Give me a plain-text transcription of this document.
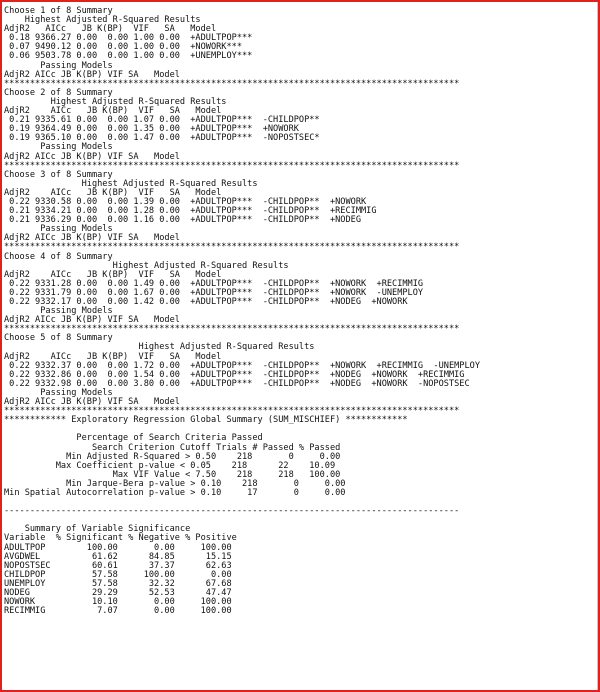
Choose 1 of 8 Summary
Highest Adjusted R-Squared Results
AdjR2   AICc   JB K(BP)  VIF   SA   Model
0.18 9366.27 0.00  0.00 1.00 0.00  +ADULTPOP***
0.07 9490.12 0.00  0.00 1.00 0.00  +NOWORK***
0.06 9503.78 0.00  0.00 1.00 0.00  +UNEMPLOY***
Passing Models
AdjR2 AICc JB K(BP) VIF SA   Model
****************************************************************************************
Choose 2 of 8 Summary
Highest Adjusted R-Squared Results
AdjR2    AICc   JB K(BP)  VIF   SA   Model
0.21 9335.61 0.00  0.00 1.07 0.00  +ADULTPOP***  -CHILDPOP**
0.19 9364.49 0.00  0.00 1.35 0.00  +ADULTPOP***  +NOWORK
0.19 9365.10 0.00  0.00 1.47 0.00  +ADULTPOP***  -NOPOSTSEC*
Passing Models
AdjR2 AICc JB K(BP) VIF SA   Model
****************************************************************************************
Choose 3 of 8 Summary
Highest Adjusted R-Squared Results
AdjR2    AICc   JB K(BP)  VIF   SA   Model
0.22 9330.58 0.00  0.00 1.39 0.00  +ADULTPOP***  -CHILDPOP**  +NOWORK
0.21 9334.21 0.00  0.00 1.28 0.00  +ADULTPOP***  -CHILDPOP**  +RECIMMIG
0.21 9336.29 0.00  0.00 1.16 0.00  +ADULTPOP***  -CHILDPOP**  +NODEG
Passing Models
AdjR2 AICc JB K(BP) VIF SA   Model
****************************************************************************************
Choose 4 of 8 Summary
Highest Adjusted R-Squared Results
AdjR2    AICc   JB K(BP)  VIF   SA   Model
0.22 9331.28 0.00  0.00 1.49 0.00  +ADULTPOP***  -CHILDPOP**  +NOWORK  +RECIMMIG
0.22 9331.79 0.00  0.00 1.67 0.00  +ADULTPOP***  -CHILDPOP**  +NOWORK  -UNEMPLOY
0.22 9332.17 0.00  0.00 1.42 0.00  +ADULTPOP***  -CHILDPOP**  +NODEG  +NOWORK
Passing Models
AdjR2 AICc JB K(BP) VIF SA   Model
****************************************************************************************
Choose 5 of 8 Summary
Highest Adjusted R-Squared Results
AdjR2    AICc   JB K(BP)  VIF   SA   Model
0.22 9332.37 0.00  0.00 1.72 0.00  +ADULTPOP***  -CHILDPOP**  +NOWORK  +RECIMMIG  -UNEMPLOY
0.22 9332.86 0.00  0.00 1.54 0.00  +ADULTPOP***  -CHILDPOP**  +NODEG  +NOWORK  +RECIMMIG
0.22 9332.98 0.00  0.00 3.80 0.00  +ADULTPOP***  -CHILDPOP**  +NODEG  +NOWORK  -NOPOSTSEC
Passing Models
AdjR2 AICc JB K(BP) VIF SA   Model
****************************************************************************************
************ Exploratory Regression Global Summary (SUM_MISCHIEF) ************

Percentage of Search Criteria Passed
Search Criterion Cutoff Trials # Passed % Passed
Min Adjusted R-Squared > 0.50    218       0     0.00
Max Coefficient p-value < 0.05    218      22    10.09
Max VIF Value < 7.50    218     218   100.00
Min Jarque-Bera p-value > 0.10    218       0     0.00
Min Spatial Autocorrelation p-value > 0.10     17       0     0.00

----------------------------------------------------------------------------------------

Summary of Variable Significance
Variable  % Significant % Negative % Positive
ADULTPOP        100.00       0.00     100.00
AVGDWEL          61.62      84.85      15.15
NOPOSTSEC        60.61      37.37      62.63
CHILDPOP         57.58     100.00       0.00
UNEMPLOY         57.58      32.32      67.68
NODEG            29.29      52.53      47.47
NOWORK           10.10       0.00     100.00
RECIMMIG          7.07       0.00     100.00
